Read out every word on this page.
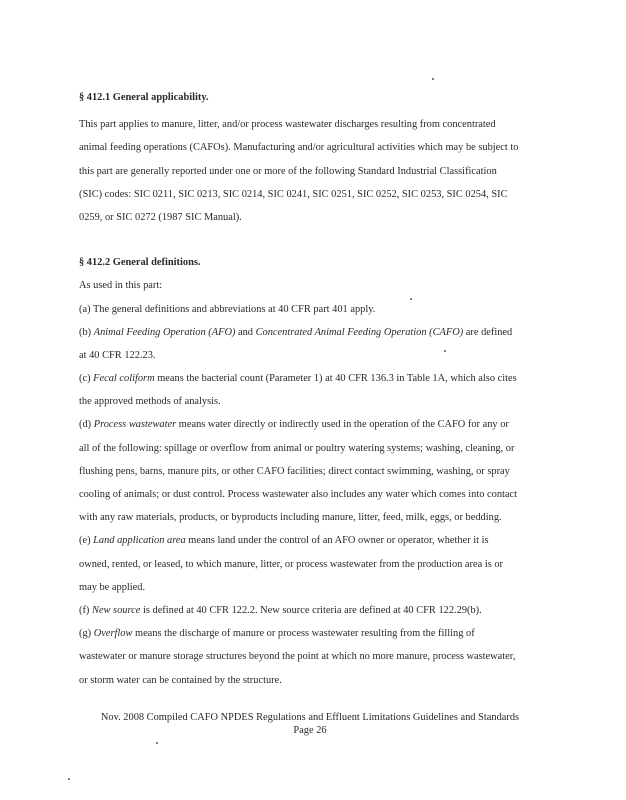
§ 412.1 General applicability.
This part applies to manure, litter, and/or process wastewater discharges resulting from concentrated
animal feeding operations (CAFOs). Manufacturing and/or agricultural activities which may be subject to
this part are generally reported under one or more of the following Standard Industrial Classification
(SIC) codes: SIC 0211, SIC 0213, SIC 0214, SIC 0241, SIC 0251, SIC 0252, SIC 0253, SIC 0254, SIC
0259, or SIC 0272 (1987 SIC Manual).
§ 412.2 General definitions.
As used in this part:
(a) The general definitions and abbreviations at 40 CFR part 401 apply.
(b) Animal Feeding Operation (AFO) and Concentrated Animal Feeding Operation (CAFO) are defined
at 40 CFR 122.23.
(c) Fecal coliform means the bacterial count (Parameter 1) at 40 CFR 136.3 in Table 1A, which also cites
the approved methods of analysis.
(d) Process wastewater means water directly or indirectly used in the operation of the CAFO for any or
all of the following: spillage or overflow from animal or poultry watering systems; washing, cleaning, or
flushing pens, barns, manure pits, or other CAFO facilities; direct contact swimming, washing, or spray
cooling of animals; or dust control. Process wastewater also includes any water which comes into contact
with any raw materials, products, or byproducts including manure, litter, feed, milk, eggs, or bedding.
(e) Land application area means land under the control of an AFO owner or operator, whether it is
owned, rented, or leased, to which manure, litter, or process wastewater from the production area is or
may be applied.
(f) New source is defined at 40 CFR 122.2. New source criteria are defined at 40 CFR 122.29(b).
(g) Overflow means the discharge of manure or process wastewater resulting from the filling of
wastewater or manure storage structures beyond the point at which no more manure, process wastewater,
or storm water can be contained by the structure.
Nov. 2008 Compiled CAFO NPDES Regulations and Effluent Limitations Guidelines and Standards
Page 26
